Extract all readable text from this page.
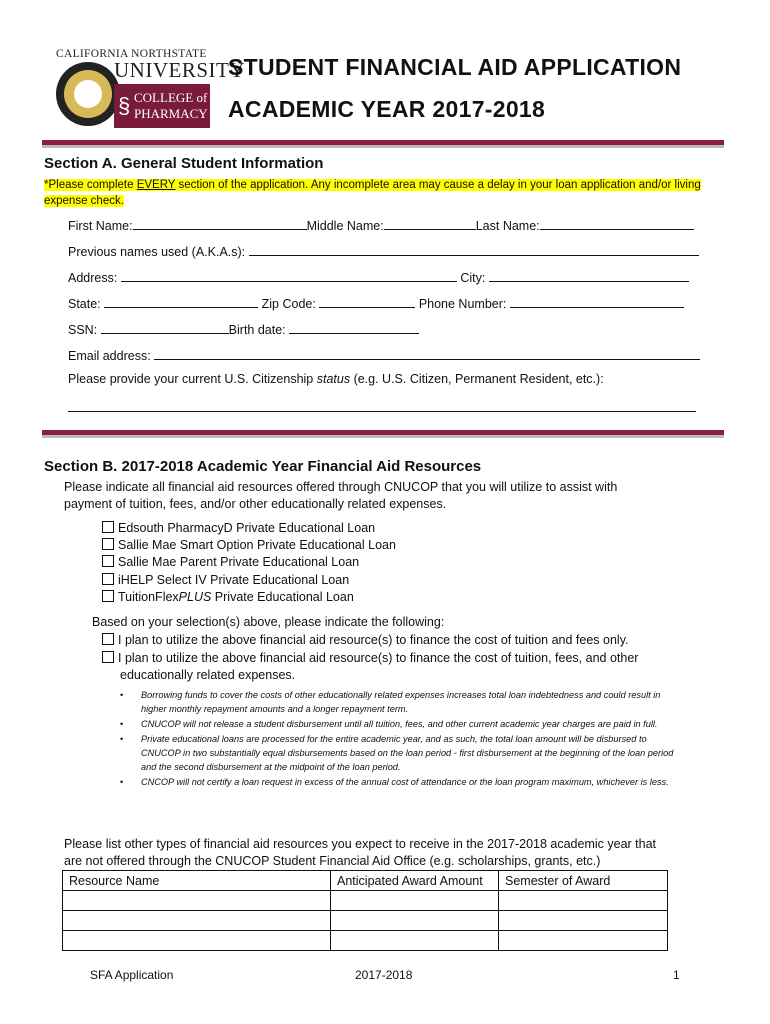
CALIFORNIA NORTHSTATE
UNIVERSITY
§ COLLEGE of
PHARMACY
STUDENT FINANCIAL AID APPLICATION
ACADEMIC YEAR 2017-2018
Section A. General Student Information
*Please complete EVERY section of the application. Any incomplete area may cause a delay in your loan application and/or living expense check.
First Name:	Middle Name:	Last Name:
Previous names used (A.K.A.s):
Address:	City:
State:	Zip Code:	Phone Number:
SSN:	Birth date:
Email address:
Please provide your current U.S. Citizenship status (e.g. U.S. Citizen, Permanent Resident, etc.):
Section B. 2017-2018 Academic Year Financial Aid Resources
Please indicate all financial aid resources offered through CNUCOP that you will utilize to assist with payment of tuition, fees, and/or other educationally related expenses.
Edsouth PharmacyD Private Educational Loan
Sallie Mae Smart Option Private Educational Loan
Sallie Mae Parent Private Educational Loan
iHELP Select IV Private Educational Loan
TuitionFlexPLUS Private Educational Loan
Based on your selection(s) above, please indicate the following:
I plan to utilize the above financial aid resource(s) to finance the cost of tuition and fees only.
I plan to utilize the above financial aid resource(s) to finance the cost of tuition, fees, and other
educationally related expenses.
• Borrowing funds to cover the costs of other educationally related expenses increases total loan indebtedness and could result in higher monthly repayment amounts and a longer repayment term.
• CNUCOP will not release a student disbursement until all tuition, fees, and other current academic year charges are paid in full.
• Private educational loans are processed for the entire academic year, and as such, the total loan amount will be disbursed to CNUCOP in two substantially equal disbursements based on the loan period - first disbursement at the beginning of the loan period and the second disbursement at the midpoint of the loan period.
• CNCOP will not certify a loan request in excess of the annual cost of attendance or the loan program maximum, whichever is less.
Please list other types of financial aid resources you expect to receive in the 2017-2018 academic year that are not offered through the CNUCOP Student Financial Aid Office (e.g. scholarships, grants, etc.)
Resource Name	Anticipated Award Amount	Semester of Award

SFA Application	2017-2018	1
